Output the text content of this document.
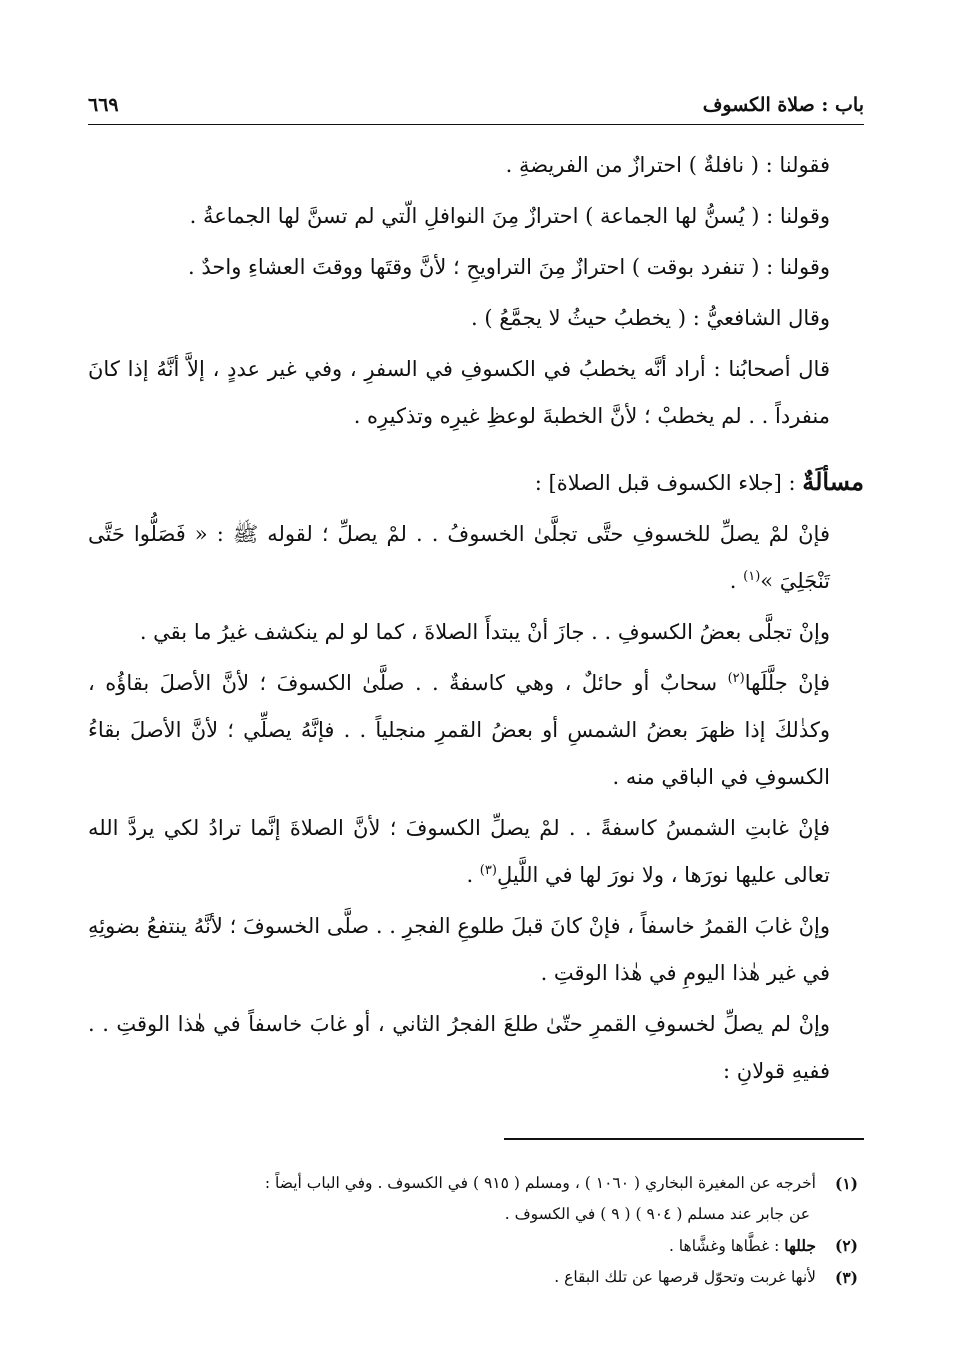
باب : صلاة الكسوف
٦٦٩

فقولنا : ( نافلةٌ ) احترازٌ من الفريضةِ .

وقولنا : ( يُسنُّ لها الجماعة ) احترازٌ مِنَ النوافلِ الّتي لم تسنَّ لها الجماعةُ .

وقولنا : ( تنفرد بوقت ) احترازٌ مِنَ التراويحِ ؛ لأنَّ وقتَها ووقتَ العشاءِ واحدٌ .

وقال الشافعيُّ : ( يخطبُ حيثُ لا يجمَّعُ ) .

قال أصحابُنا : أراد أنَّه يخطبُ في الكسوفِ في السفرِ ، وفي غير عددٍ ، إلاَّ أنَّهُ إذا كانَ منفرداً . . لم يخطبْ ؛ لأنَّ الخطبةَ لوعظِ غيرِه وتذكيرِه .

مسألَةٌ : [جلاء الكسوف قبل الصلاة] :

فإنْ لمْ يصلِّ للخسوفِ حتَّى تجلَّىٰ الخسوفُ . . لمْ يصلِّ ؛ لقوله ﷺ : « فَصَلُّوا حَتَّى تَنْجَلِيَ »$^{(١)}$ .

وإنْ تجلَّى بعضُ الكسوفِ . . جازَ أنْ يبتدأَ الصلاةَ ، كما لو لم ينكشف غيرُ ما بقي .

فإنْ جلَّلَها$^{(٢)}$ سحابٌ أو حائلٌ ، وهي كاسفةٌ . . صلَّىٰ الكسوفَ ؛ لأنَّ الأصلَ بقاؤُه ، وكذٰلكَ إذا ظهرَ بعضُ الشمسِ أو بعضُ القمرِ منجلياً . . فإنَّهُ يصلِّي ؛ لأنَّ الأصلَ بقاءُ الكسوفِ في الباقي منه .

فإنْ غابتِ الشمسُ كاسفةً . . لمْ يصلِّ الكسوفَ ؛ لأنَّ الصلاةَ إنَّما ترادُ لكي يردَّ الله تعالى عليها نورَها ، ولا نورَ لها في اللَّيلِ$^{(٣)}$ .

وإنْ غابَ القمرُ خاسفاً ، فإنْ كانَ قبلَ طلوعِ الفجرِ . . صلَّى الخسوفَ ؛ لأنَّهُ ينتفعُ بضوئِهِ في غير هٰذا اليومِ في هٰذا الوقتِ .

وإنْ لم يصلِّ لخسوفِ القمرِ حتّىٰ طلعَ الفجرُ الثاني ، أو غابَ خاسفاً في هٰذا الوقتِ . . ففيهِ قولانِ :

(١)
أخرجه عن المغيرة البخاري ( ١٠٦٠ ) ، ومسلم ( ٩١٥ ) في الكسوف . وفي الباب أيضاً :
عن جابر عند مسلم ( ٩٠٤ ) ( ٩ ) في الكسوف .
(٢)
جللها : غطَّاها وغشَّاها .
(٣)
لأنها غربت وتحوّل قرصها عن تلك البقاع .
